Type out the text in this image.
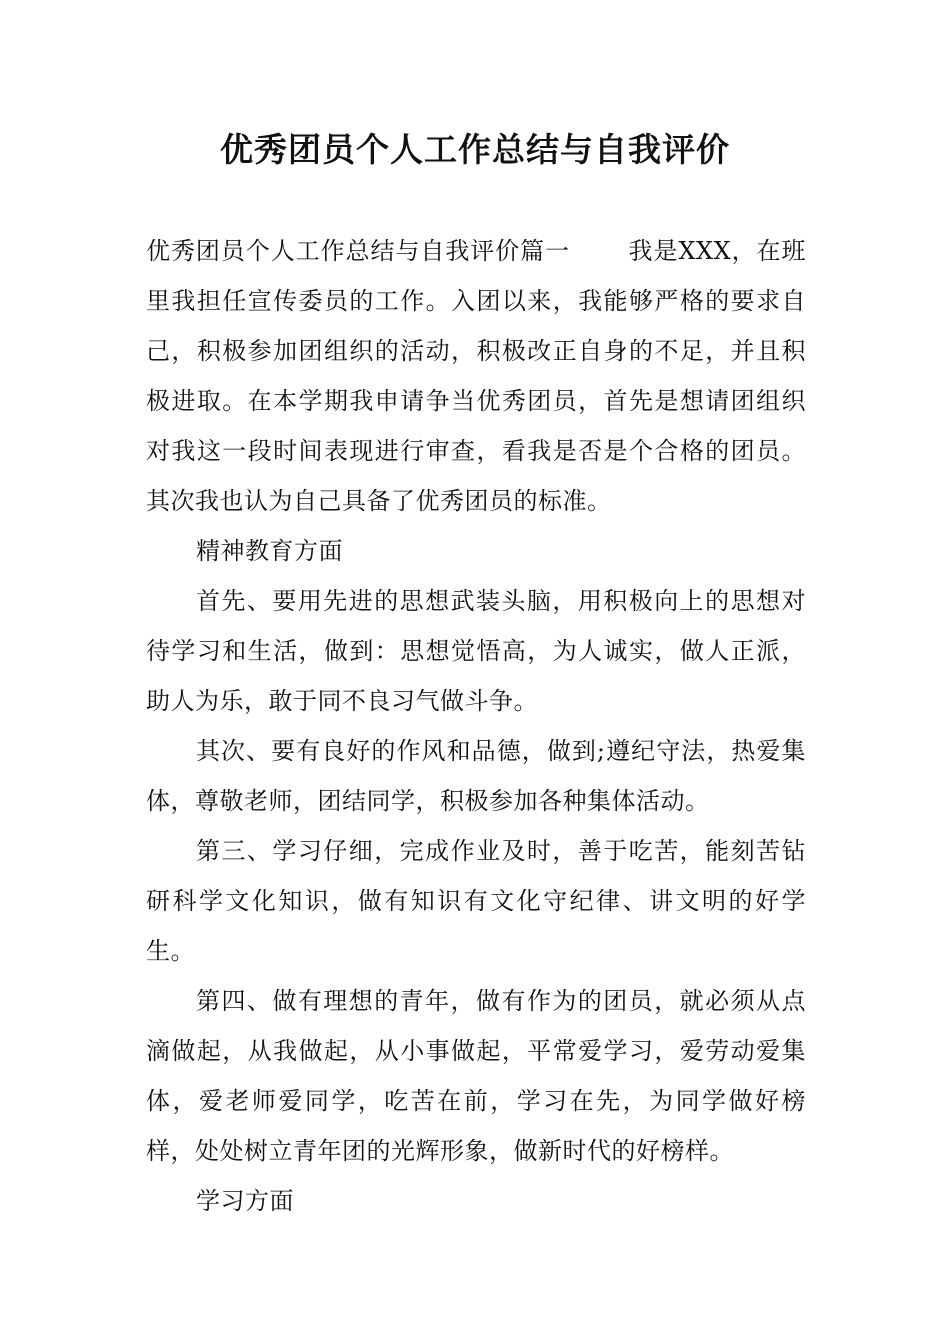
优秀团员个人工作总结与自我评价

优秀团员个人工作总结与自我评价篇一 我是XXX，在班里我担任宣传委员的工作。入团以来，我能够严格的要求自己，积极参加团组织的活动，积极改正自身的不足，并且积极进取。在本学期我申请争当优秀团员，首先是想请团组织对我这一段时间表现进行审查，看我是否是个合格的团员。其次我也认为自己具备了优秀团员的标准。

精神教育方面

首先、要用先进的思想武装头脑，用积极向上的思想对待学习和生活，做到：思想觉悟高，为人诚实，做人正派，助人为乐，敢于同不良习气做斗争。

其次、要有良好的作风和品德，做到;遵纪守法，热爱集体，尊敬老师，团结同学，积极参加各种集体活动。

第三、学习仔细，完成作业及时，善于吃苦，能刻苦钻研科学文化知识，做有知识有文化守纪律、讲文明的好学生。

第四、做有理想的青年，做有作为的团员，就必须从点滴做起，从我做起，从小事做起，平常爱学习，爱劳动爱集体，爱老师爱同学，吃苦在前，学习在先，为同学做好榜样，处处树立青年团的光辉形象，做新时代的好榜样。

学习方面
